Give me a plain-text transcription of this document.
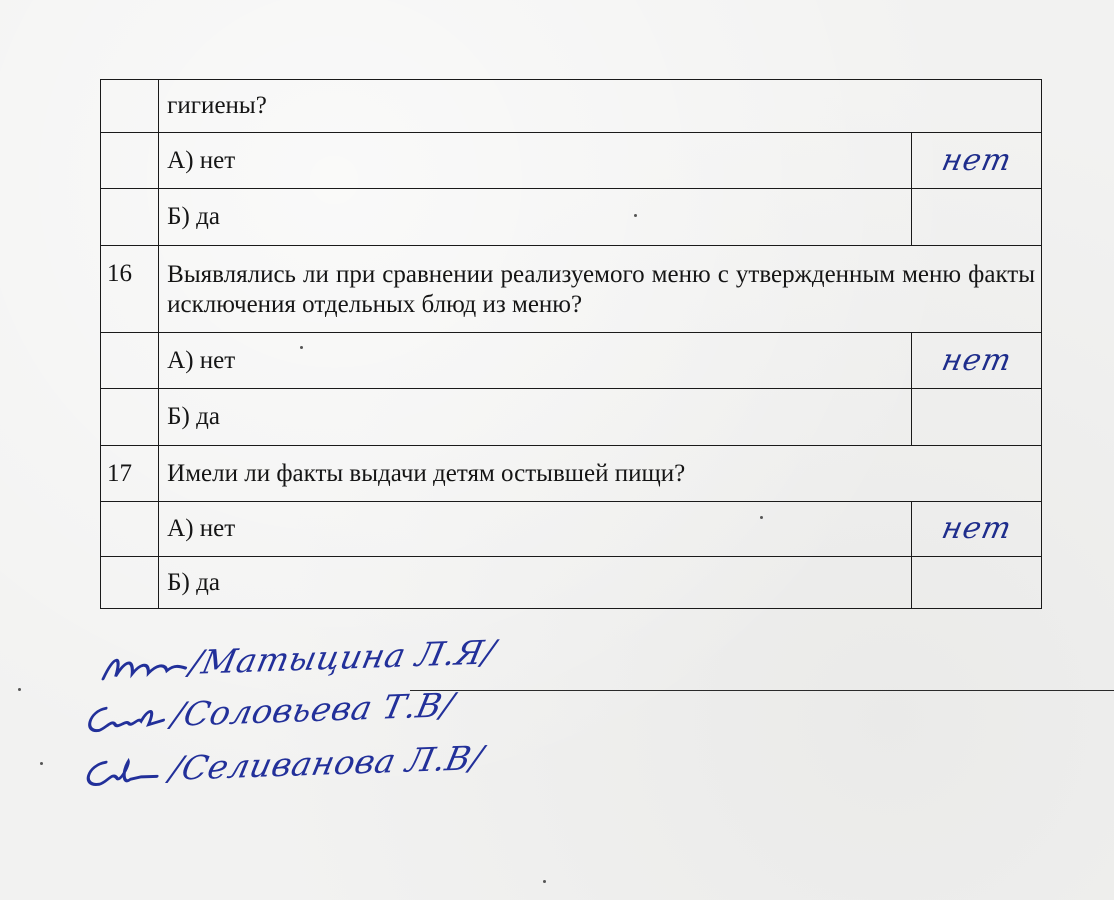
	гигиены?	
	А) нет	нет

	Б) да	
16	Выявлялись ли при сравнении реализуемого меню с утвержденным меню факты исключения отдельных блюд из меню?	
	А) нет	нет

	Б) да	
17	Имели ли факты выдачи детям остывшей пищи?	
	А) нет	нет

	Б) да	
/Матыцина Л.Я/
/Соловьева Т.В/
/Селиванова Л.В/
